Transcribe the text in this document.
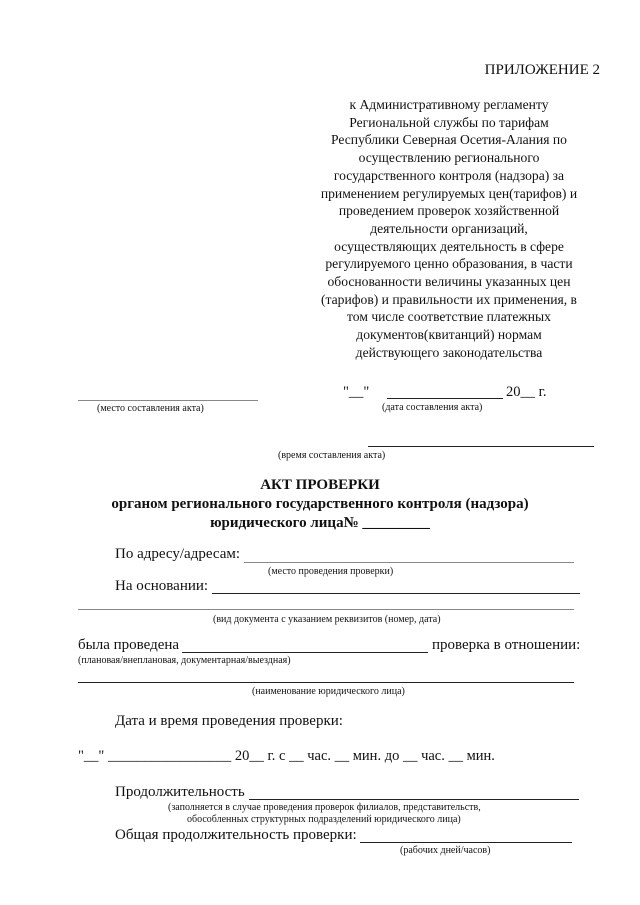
ПРИЛОЖЕНИЕ 2
к Административному регламенту
Региональной службы по тарифам
Республики Северная Осетия-Алания по
осуществлению регионального
государственного контроля (надзора) за
применением регулируемых цен(тарифов) и
проведением проверок хозяйственной
деятельности организаций,
осуществляющих деятельность в сфере
регулируемого ценно образования, в части
обоснованности величины указанных цен
(тарифов) и правильности их применения, в
том числе соответствие платежных
документов(квитанций) нормам
действующего законодательства
(место составления акта)
"__"	20__ г.
(дата составления акта)
(время составления акта)
АКТ ПРОВЕРКИ
органом регионального государственного контроля (надзора)
юридического лица№ _________
По адресу/адресам:
(место проведения проверки)
На основании:
(вид документа с указанием реквизитов (номер, дата)
была проведена	проверка в отношении:
(плановая/внеплановая, документарная/выездная)
(наименование юридического лица)
Дата и время проведения проверки:
"__" _________________ 20__ г. с __ час. __ мин. до __ час. __ мин.
Продолжительность
(заполняется в случае проведения проверок филиалов, представительств,
обособленных структурных подразделений юридического лица)
Общая продолжительность проверки:
(рабочих дней/часов)
